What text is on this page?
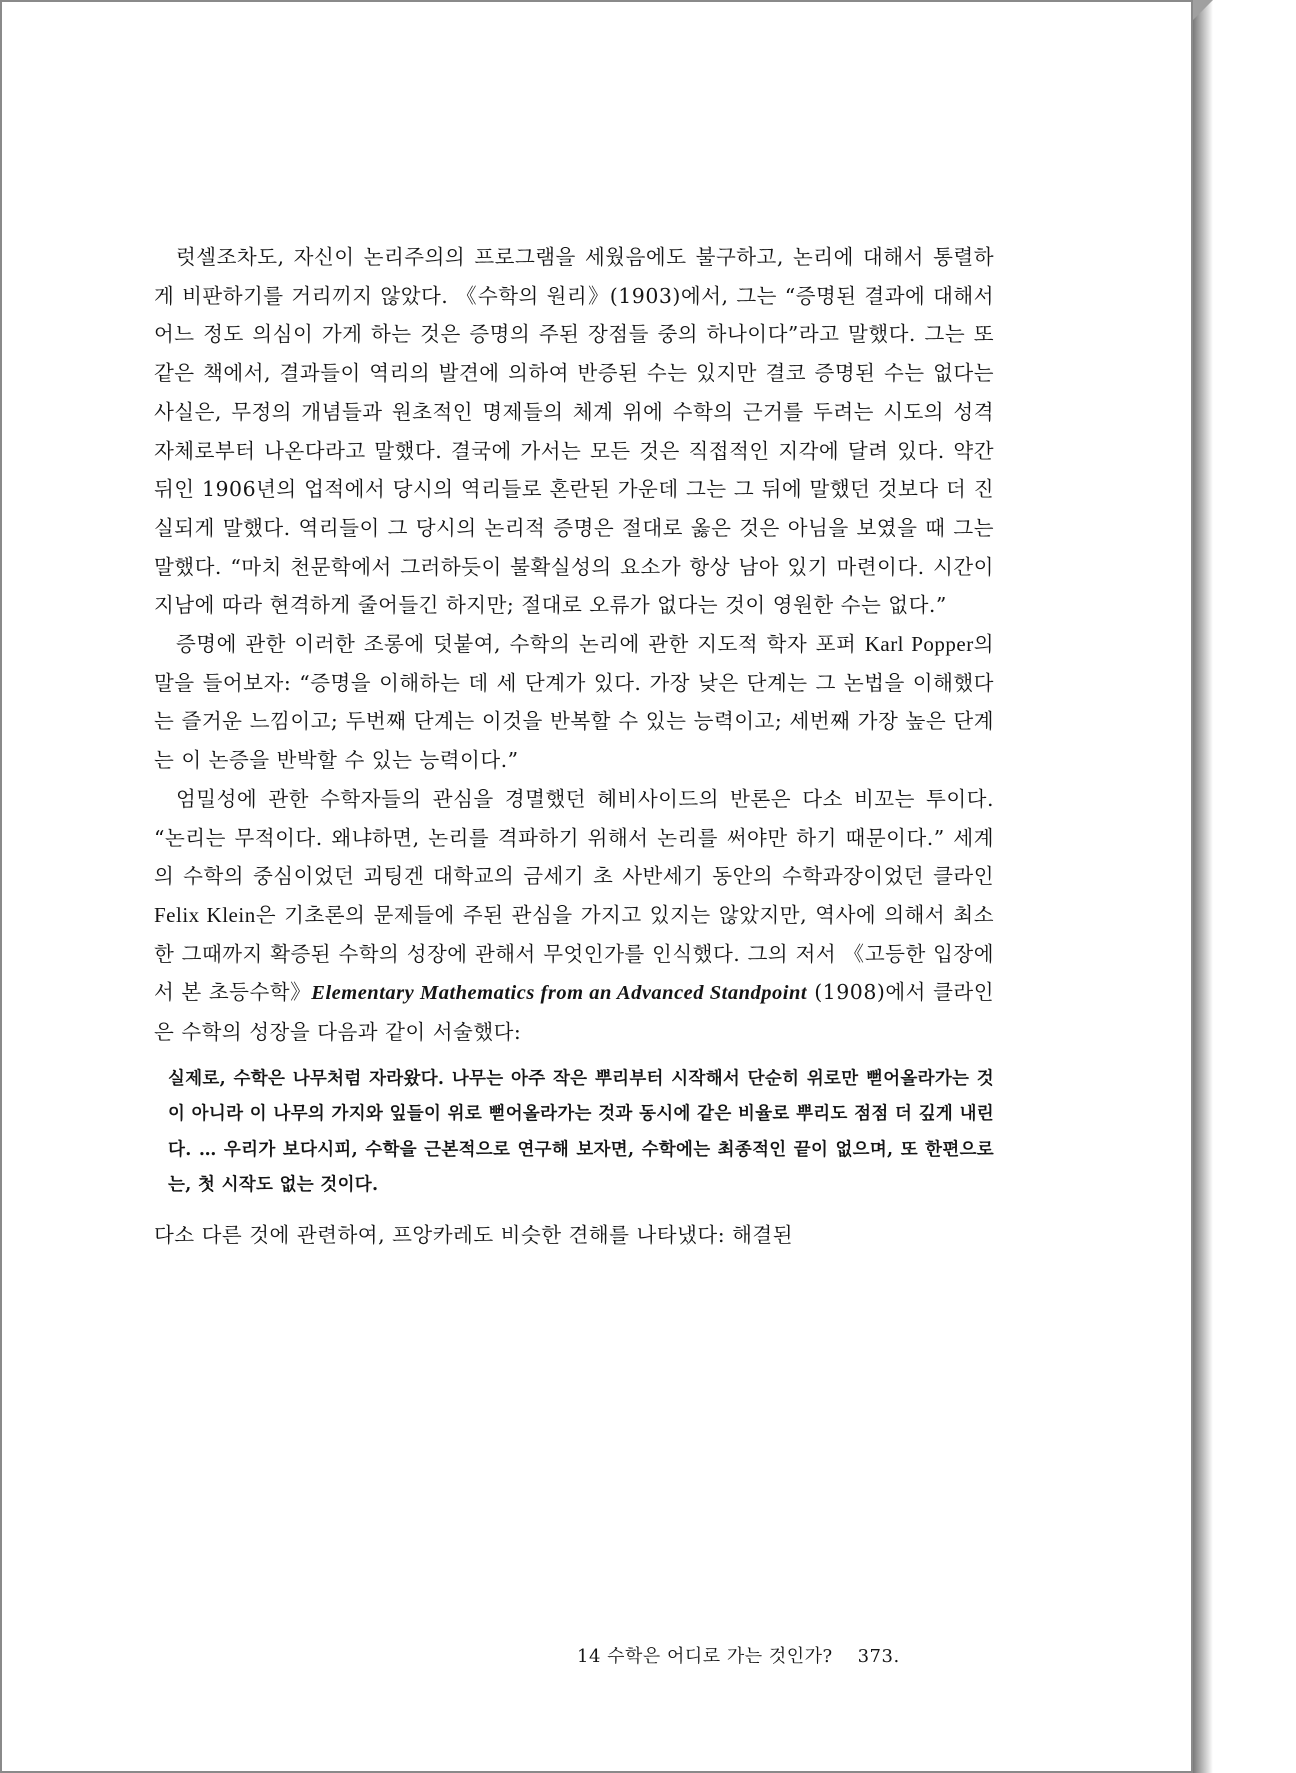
럿셀조차도, 자신이 논리주의의 프로그램을 세웠음에도 불구하고, 논리에 대해서 통렬하게 비판하기를 거리끼지 않았다. 《수학의 원리》(1903)에서, 그는 “증명된 결과에 대해서 어느 정도 의심이 가게 하는 것은 증명의 주된 장점들 중의 하나이다”라고 말했다. 그는 또 같은 책에서, 결과들이 역리의 발견에 의하여 반증된 수는 있지만 결코 증명된 수는 없다는 사실은, 무정의 개념들과 원초적인 명제들의 체계 위에 수학의 근거를 두려는 시도의 성격 자체로부터 나온다라고 말했다. 결국에 가서는 모든 것은 직접적인 지각에 달려 있다. 약간 뒤인 1906년의 업적에서 당시의 역리들로 혼란된 가운데 그는 그 뒤에 말했던 것보다 더 진실되게 말했다. 역리들이 그 당시의 논리적 증명은 절대로 옳은 것은 아님을 보였을 때 그는 말했다. “마치 천문학에서 그러하듯이 불확실성의 요소가 항상 남아 있기 마련이다. 시간이 지남에 따라 현격하게 줄어들긴 하지만; 절대로 오류가 없다는 것이 영원한 수는 없다.”

증명에 관한 이러한 조롱에 덧붙여, 수학의 논리에 관한 지도적 학자 포퍼 Karl Popper의 말을 들어보자: “증명을 이해하는 데 세 단계가 있다. 가장 낮은 단계는 그 논법을 이해했다는 즐거운 느낌이고; 두번째 단계는 이것을 반복할 수 있는 능력이고; 세번째 가장 높은 단계는 이 논증을 반박할 수 있는 능력이다.”

엄밀성에 관한 수학자들의 관심을 경멸했던 헤비사이드의 반론은 다소 비꼬는 투이다. “논리는 무적이다. 왜냐하면, 논리를 격파하기 위해서 논리를 써야만 하기 때문이다.” 세계의 수학의 중심이었던 괴팅겐 대학교의 금세기 초 사반세기 동안의 수학과장이었던 클라인 Felix Klein은 기초론의 문제들에 주된 관심을 가지고 있지는 않았지만, 역사에 의해서 최소한 그때까지 확증된 수학의 성장에 관해서 무엇인가를 인식했다. 그의 저서 《고등한 입장에서 본 초등수학》Elementary Mathematics from an Advanced Standpoint (1908)에서 클라인은 수학의 성장을 다음과 같이 서술했다:

실제로, 수학은 나무처럼 자라왔다. 나무는 아주 작은 뿌리부터 시작해서 단순히 위로만 뻗어올라가는 것이 아니라 이 나무의 가지와 잎들이 위로 뻗어올라가는 것과 동시에 같은 비율로 뿌리도 점점 더 깊게 내린다. … 우리가 보다시피, 수학을 근본적으로 연구해 보자면, 수학에는 최종적인 끝이 없으며, 또 한편으로는, 첫 시작도 없는 것이다.

다소 다른 것에 관련하여, 프앙카레도 비슷한 견해를 나타냈다: 해결된

14 수학은 어디로 가는 것인가? 373.
